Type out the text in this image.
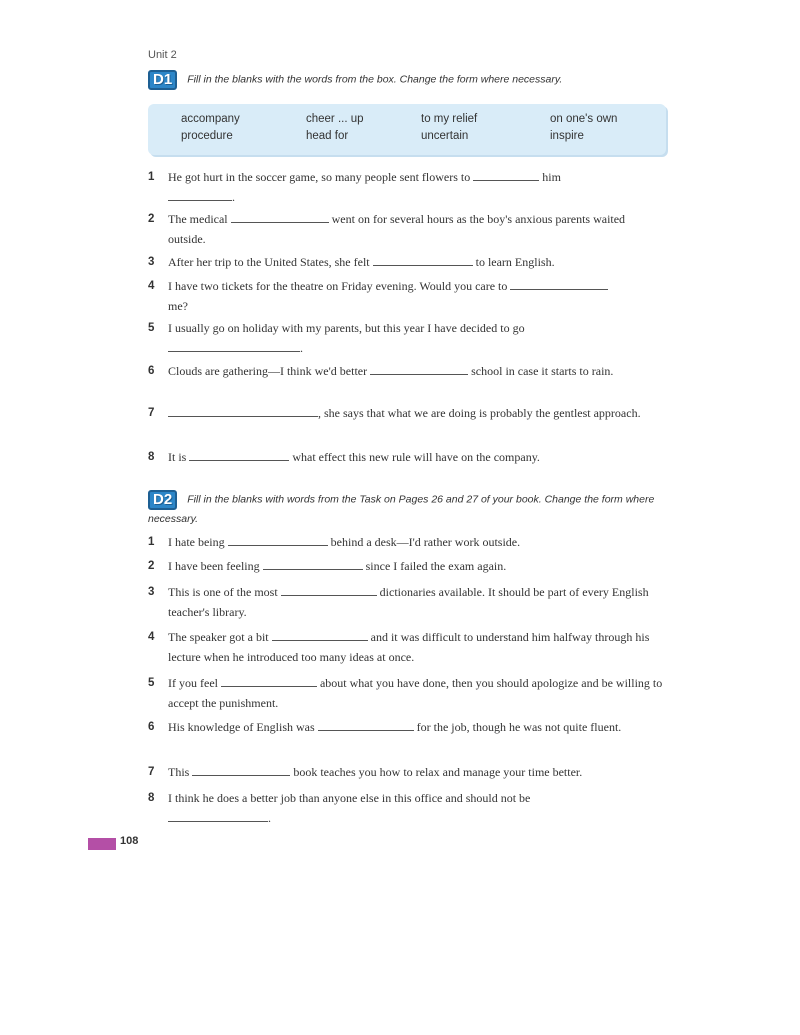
Unit 2
D1 Fill in the blanks with the words from the box. Change the form where necessary.
accompany	cheer ... up	to my relief	on one's own
procedure	head for	uncertain	inspire
1 He got hurt in the soccer game, so many people sent flowers to	him
.
2 The medical	went on for several hours as the boy's anxious parents waited outside.
3 After her trip to the United States, she felt	to learn English.
4 I have two tickets for the theatre on Friday evening. Would you care to
me?
5 I usually go on holiday with my parents, but this year I have decided to go
.
6 Clouds are gathering—I think we'd better	school in case it starts to rain.
7	, she says that what we are doing is probably the gentlest approach.
8 It is	what effect this new rule will have on the company.
D2 Fill in the blanks with words from the Task on Pages 26 and 27 of your book. Change the form where necessary.
1 I hate being	behind a desk—I'd rather work outside.
2 I have been feeling	since I failed the exam again.
3 This is one of the most	dictionaries available. It should be part of every English teacher's library.
4 The speaker got a bit	and it was difficult to understand him halfway through his lecture when he introduced too many ideas at once.
5 If you feel	about what you have done, then you should apologize and be willing to accept the punishment.
6 His knowledge of English was	for the job, though he was not quite fluent.
7 This	book teaches you how to relax and manage your time better.
8 I think he does a better job than anyone else in this office and should not be
.
108
